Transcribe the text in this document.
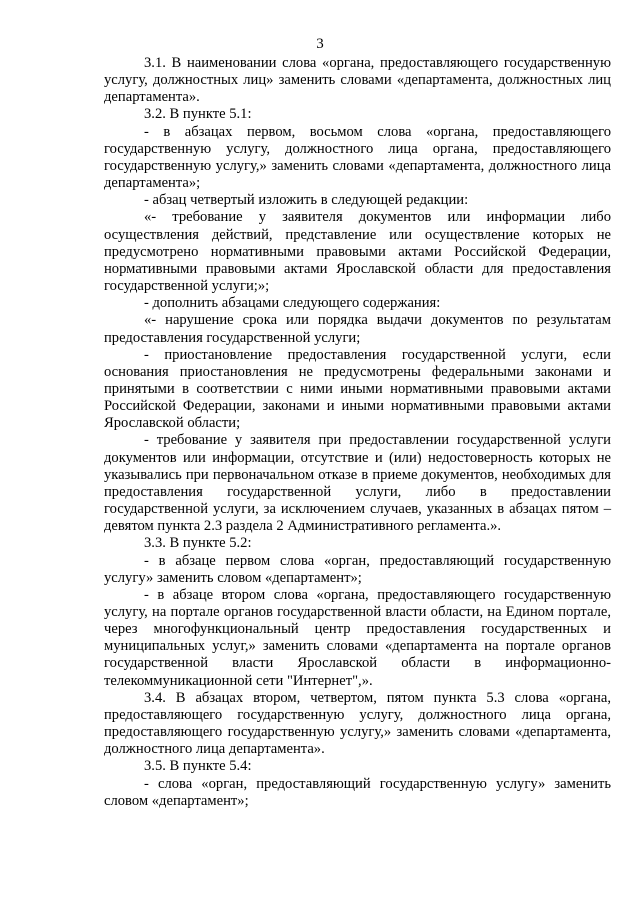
3

3.1. В наименовании слова «органа, предоставляющего государственную услугу, должностных лиц» заменить словами «департамента, должностных лиц департамента».

3.2. В пункте 5.1:

- в абзацах первом, восьмом слова «органа, предоставляющего государственную услугу, должностного лица органа, предоставляющего государственную услугу,» заменить словами «департамента, должностного лица департамента»;

- абзац четвертый изложить в следующей редакции:

«- требование у заявителя документов или информации либо осуществления действий, представление или осуществление которых не предусмотрено нормативными правовыми актами Российской Федерации, нормативными правовыми актами Ярославской области для предоставления государственной услуги;»;

- дополнить абзацами следующего содержания:

«- нарушение срока или порядка выдачи документов по результатам предоставления государственной услуги;

- приостановление предоставления государственной услуги, если основания приостановления не предусмотрены федеральными законами и принятыми в соответствии с ними иными нормативными правовыми актами Российской Федерации, законами и иными нормативными правовыми актами Ярославской области;

- требование у заявителя при предоставлении государственной услуги документов или информации, отсутствие и (или) недостоверность которых не указывались при первоначальном отказе в приеме документов, необходимых для предоставления государственной услуги, либо в предоставлении государственной услуги, за исключением случаев, указанных в абзацах пятом – девятом пункта 2.3 раздела 2 Административного регламента.».

3.3. В пункте 5.2:

- в абзаце первом слова «орган, предоставляющий государственную услугу» заменить словом «департамент»;

- в абзаце втором слова «органа, предоставляющего государственную услугу, на портале органов государственной власти области, на Едином портале, через многофункциональный центр предоставления государственных и муниципальных услуг,» заменить словами «департамента на портале органов государственной власти Ярославской области в информационно-телекоммуникационной сети "Интернет",».

3.4. В абзацах втором, четвертом, пятом пункта 5.3 слова «органа, предоставляющего государственную услугу, должностного лица органа, предоставляющего государственную услугу,» заменить словами «департамента, должностного лица департамента».

3.5. В пункте 5.4:

- слова «орган, предоставляющий государственную услугу» заменить словом «департамент»;
